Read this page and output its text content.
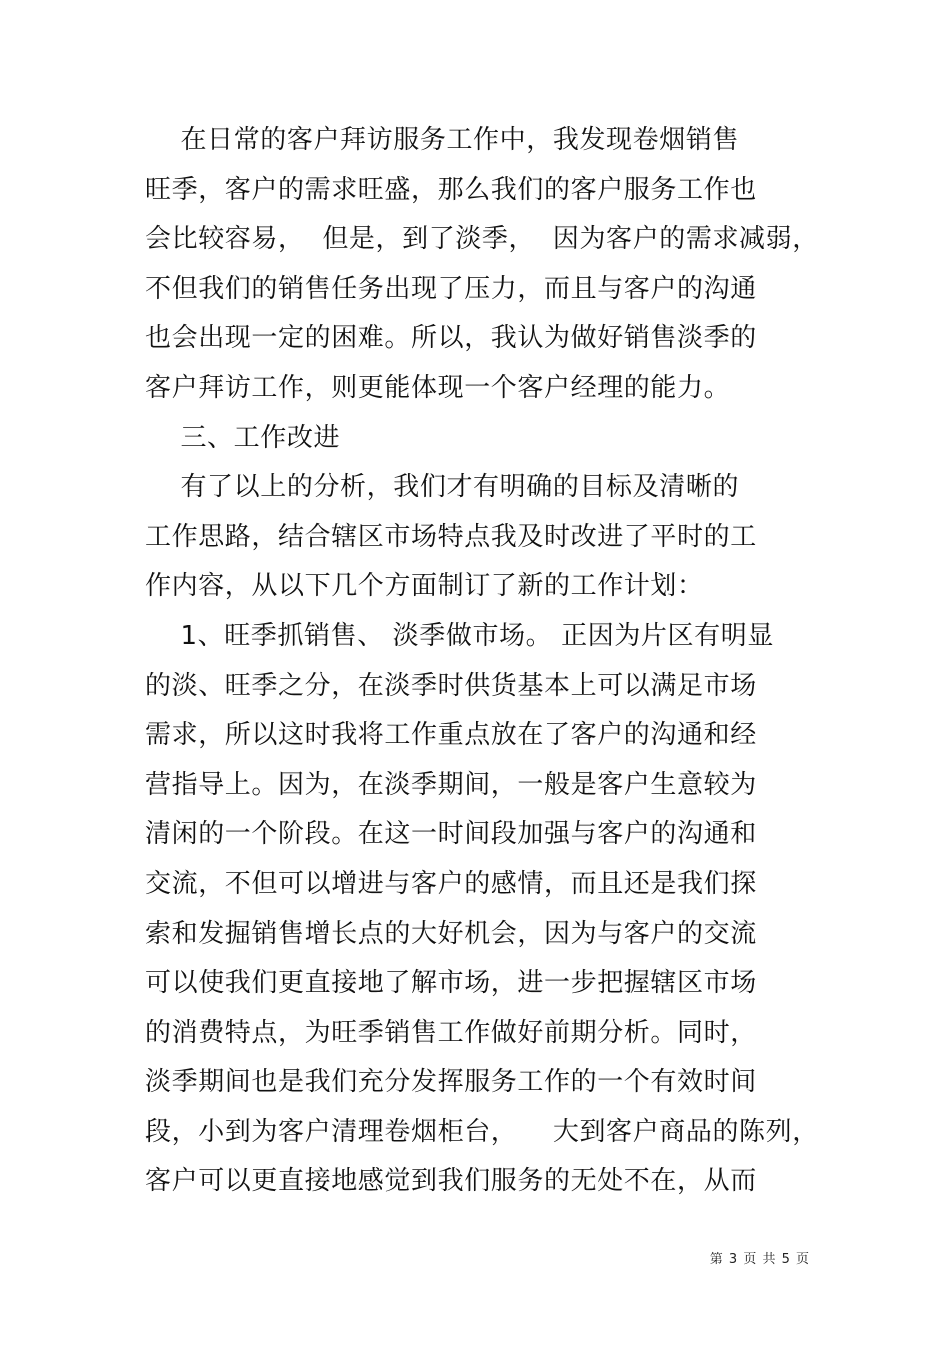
在日常的客户拜访服务工作中，我发现卷烟销售
旺季，客户的需求旺盛，那么我们的客户服务工作也
会比较容易，  但是，到了淡季，  因为客户的需求减弱，
不但我们的销售任务出现了压力，而且与客户的沟通
也会出现一定的困难。所以，我认为做好销售淡季的
客户拜访工作，则更能体现一个客户经理的能力。
三、工作改进
有了以上的分析，我们才有明确的目标及清晰的
工作思路，结合辖区市场特点我及时改进了平时的工
作内容，从以下几个方面制订了新的工作计划：
1、旺季抓销售、 淡季做市场。 正因为片区有明显
的淡、旺季之分，在淡季时供货基本上可以满足市场
需求，所以这时我将工作重点放在了客户的沟通和经
营指导上。因为，在淡季期间，一般是客户生意较为
清闲的一个阶段。在这一时间段加强与客户的沟通和
交流，不但可以增进与客户的感情，而且还是我们探
索和发掘销售增长点的大好机会，因为与客户的交流
可以使我们更直接地了解市场，进一步把握辖区市场
的消费特点，为旺季销售工作做好前期分析。同时，
淡季期间也是我们充分发挥服务工作的一个有效时间
段，小到为客户清理卷烟柜台，    大到客户商品的陈列，
客户可以更直接地感觉到我们服务的无处不在，从而
第 3 页 共 5 页
